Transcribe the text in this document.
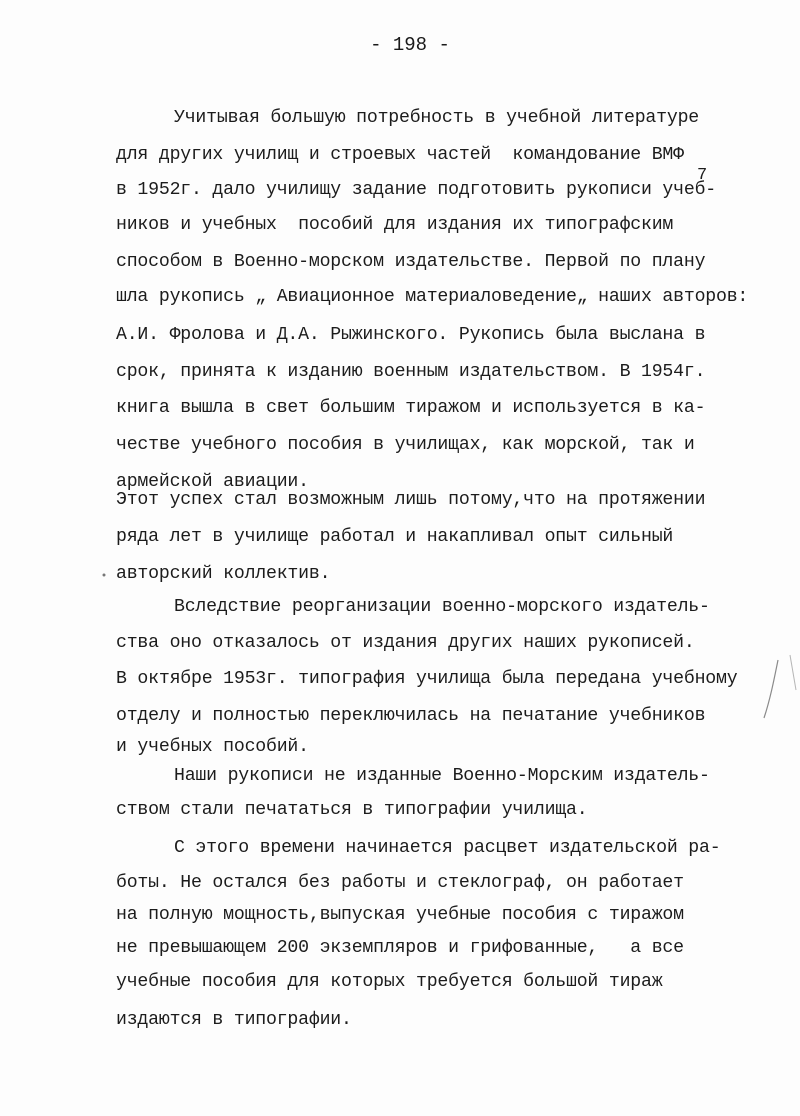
- 198 -
Учитывая большую потребность в учебной литературе
для других училищ и строевых частей  командование ВМФ
7
в 1952г. дало училищу задание подготовить рукописи учеб-
ников и учебных  пособий для издания их типографским
способом в Военно-морском издательстве. Первой по плану
шла рукопись „ Авиационное материаловедение„ наших авторов:
А.И. Фролова и Д.А. Рыжинского. Рукопись была выслана в
срок, принята к изданию военным издательством. В 1954г.
книга вышла в свет большим тиражом и используется в ка-
честве учебного пособия в училищах, как морской, так и
армейской авиации.
Этот успех стал возможным лишь потому,что на протяжении
ряда лет в училище работал и накапливал опыт сильный
авторский коллектив.
Вследствие реорганизации военно-морского издатель-
ства оно отказалось от издания других наших рукописей.
В октябре 1953г. типография училища была передана учебному
отделу и полностью переключилась на печатание учебников
и учебных пособий.
Наши рукописи не изданные Военно-Морским издатель-
ством стали печататься в типографии училища.
С этого времени начинается расцвет издательской ра-
боты. Не остался без работы и стеклограф, он работает
на полную мощность,выпуская учебные пособия с тиражом
не превышающем 200 экземпляров и грифованные,   а все
учебные пособия для которых требуется большой тираж
издаются в типографии.
